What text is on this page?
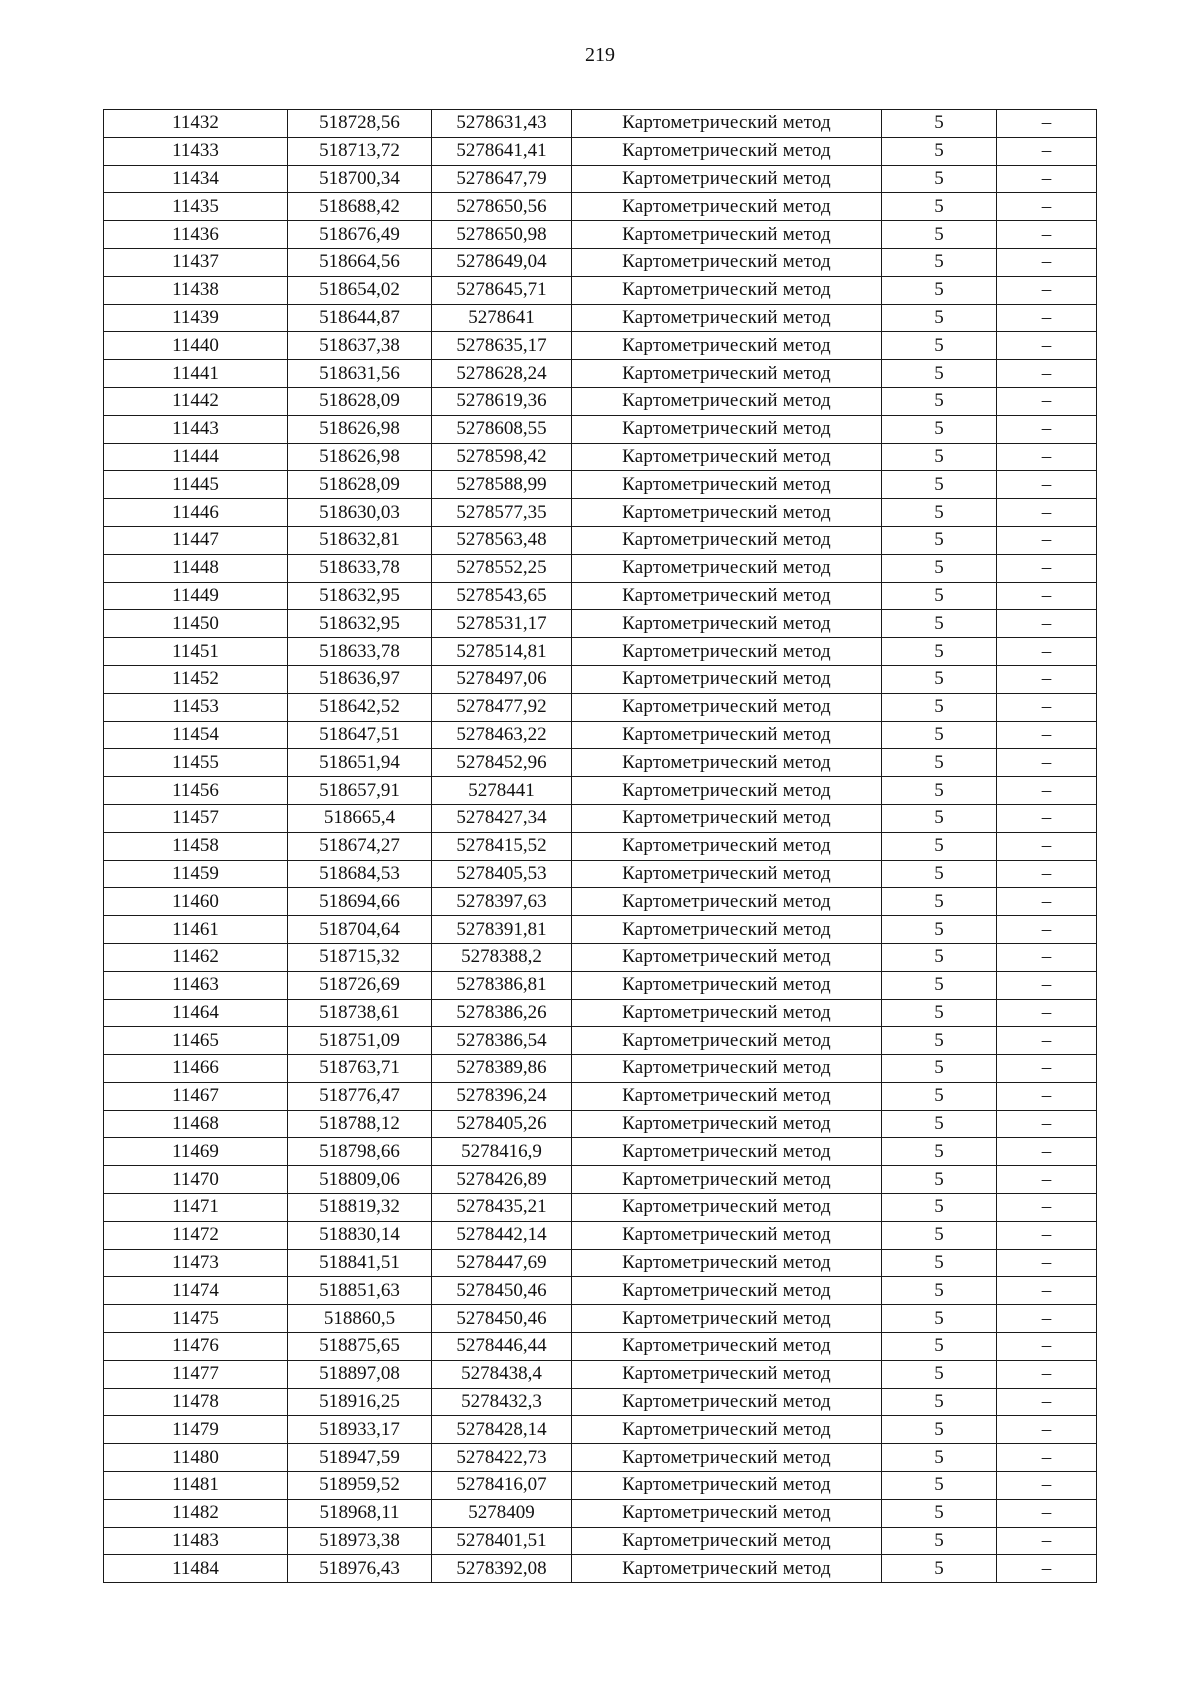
219
11432	518728,56	5278631,43	Картометрический метод	5	–
11433	518713,72	5278641,41	Картометрический метод	5	–
11434	518700,34	5278647,79	Картометрический метод	5	–
11435	518688,42	5278650,56	Картометрический метод	5	–
11436	518676,49	5278650,98	Картометрический метод	5	–
11437	518664,56	5278649,04	Картометрический метод	5	–
11438	518654,02	5278645,71	Картометрический метод	5	–
11439	518644,87	5278641	Картометрический метод	5	–
11440	518637,38	5278635,17	Картометрический метод	5	–
11441	518631,56	5278628,24	Картометрический метод	5	–
11442	518628,09	5278619,36	Картометрический метод	5	–
11443	518626,98	5278608,55	Картометрический метод	5	–
11444	518626,98	5278598,42	Картометрический метод	5	–
11445	518628,09	5278588,99	Картометрический метод	5	–
11446	518630,03	5278577,35	Картометрический метод	5	–
11447	518632,81	5278563,48	Картометрический метод	5	–
11448	518633,78	5278552,25	Картометрический метод	5	–
11449	518632,95	5278543,65	Картометрический метод	5	–
11450	518632,95	5278531,17	Картометрический метод	5	–
11451	518633,78	5278514,81	Картометрический метод	5	–
11452	518636,97	5278497,06	Картометрический метод	5	–
11453	518642,52	5278477,92	Картометрический метод	5	–
11454	518647,51	5278463,22	Картометрический метод	5	–
11455	518651,94	5278452,96	Картометрический метод	5	–
11456	518657,91	5278441	Картометрический метод	5	–
11457	518665,4	5278427,34	Картометрический метод	5	–
11458	518674,27	5278415,52	Картометрический метод	5	–
11459	518684,53	5278405,53	Картометрический метод	5	–
11460	518694,66	5278397,63	Картометрический метод	5	–
11461	518704,64	5278391,81	Картометрический метод	5	–
11462	518715,32	5278388,2	Картометрический метод	5	–
11463	518726,69	5278386,81	Картометрический метод	5	–
11464	518738,61	5278386,26	Картометрический метод	5	–
11465	518751,09	5278386,54	Картометрический метод	5	–
11466	518763,71	5278389,86	Картометрический метод	5	–
11467	518776,47	5278396,24	Картометрический метод	5	–
11468	518788,12	5278405,26	Картометрический метод	5	–
11469	518798,66	5278416,9	Картометрический метод	5	–
11470	518809,06	5278426,89	Картометрический метод	5	–
11471	518819,32	5278435,21	Картометрический метод	5	–
11472	518830,14	5278442,14	Картометрический метод	5	–
11473	518841,51	5278447,69	Картометрический метод	5	–
11474	518851,63	5278450,46	Картометрический метод	5	–
11475	518860,5	5278450,46	Картометрический метод	5	–
11476	518875,65	5278446,44	Картометрический метод	5	–
11477	518897,08	5278438,4	Картометрический метод	5	–
11478	518916,25	5278432,3	Картометрический метод	5	–
11479	518933,17	5278428,14	Картометрический метод	5	–
11480	518947,59	5278422,73	Картометрический метод	5	–
11481	518959,52	5278416,07	Картометрический метод	5	–
11482	518968,11	5278409	Картометрический метод	5	–
11483	518973,38	5278401,51	Картометрический метод	5	–
11484	518976,43	5278392,08	Картометрический метод	5	–
